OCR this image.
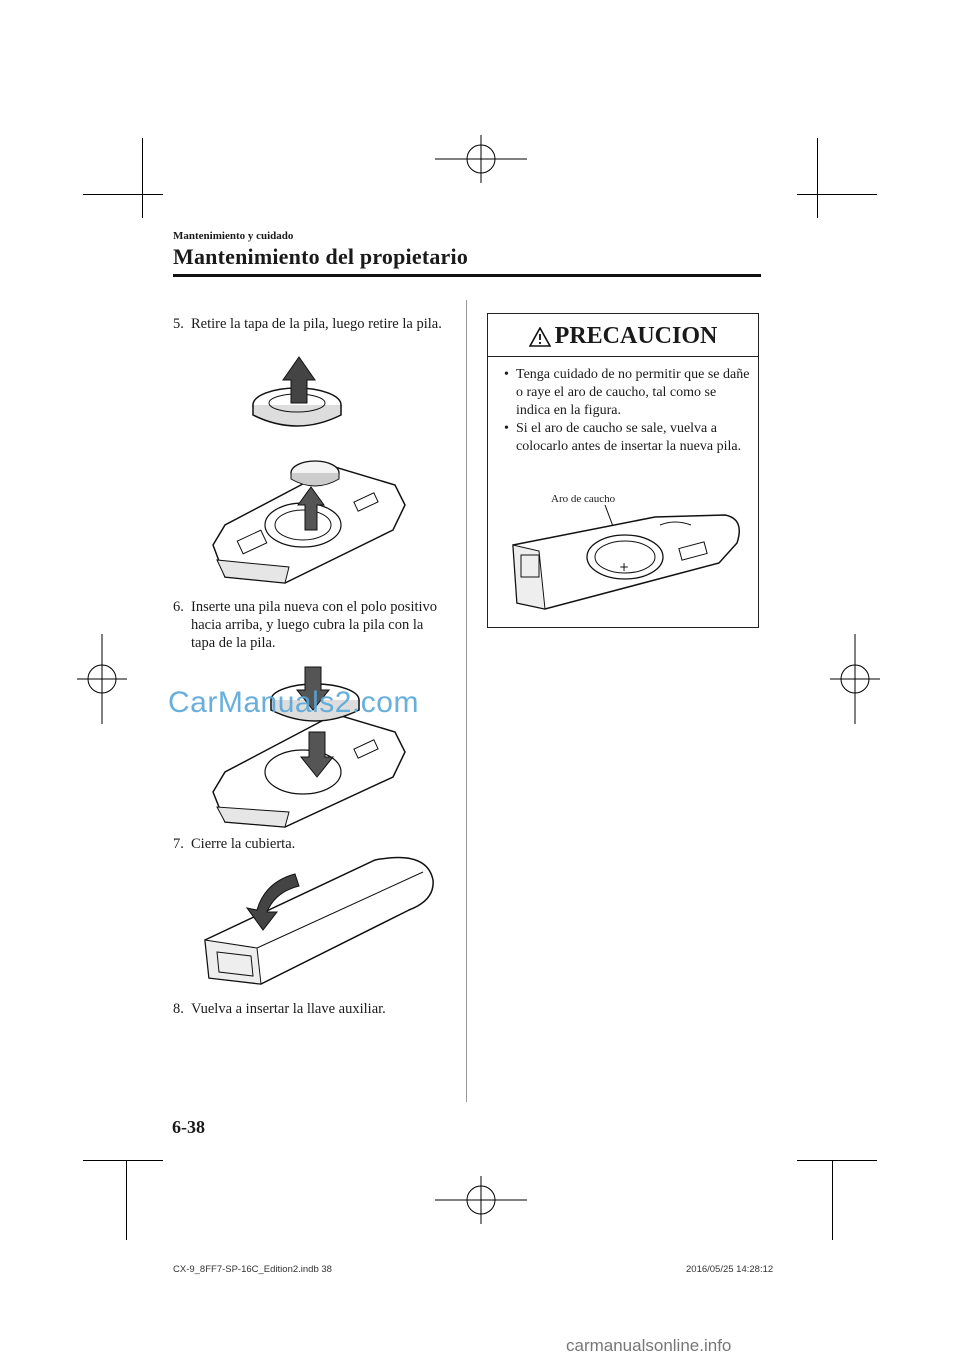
Mantenimiento y cuidado
Mantenimiento del propietario
5. Retire la tapa de la pila, luego retire la pila.
6. Inserte una pila nueva con el polo positivo hacia arriba, y luego cubra la pila con la tapa de la pila.
CarManuals2.com
7. Cierre la cubierta.
8. Vuelva a insertar la llave auxiliar.
PRECAUCION
• Tenga cuidado de no permitir que se dañe o raye el aro de caucho, tal como se indica en la figura.
• Si el aro de caucho se sale, vuelva a colocarlo antes de insertar la nueva pila.
Aro de caucho
+
6-38
CX-9_8FF7-SP-16C_Edition2.indb 38	2016/05/25 14:28:12
carmanualsonline.info
